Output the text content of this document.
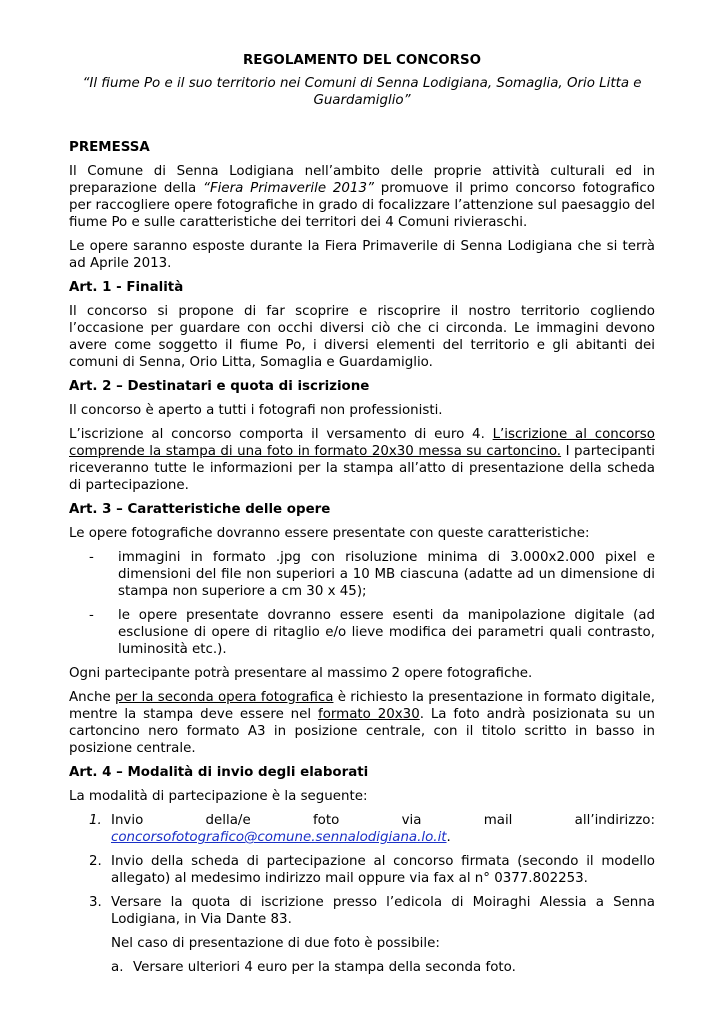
REGOLAMENTO DEL CONCORSO

“Il fiume Po e il suo territorio nei Comuni di Senna Lodigiana, Somaglia, Orio Litta e Guardamiglio”

PREMESSA

Il Comune di Senna Lodigiana nell’ambito delle proprie attività culturali ed in preparazione della “Fiera Primaverile 2013” promuove il primo concorso fotografico per raccogliere opere fotografiche in grado di focalizzare l’attenzione sul paesaggio del fiume Po e sulle caratteristiche dei territori dei 4 Comuni rivieraschi.

Le opere saranno esposte durante la Fiera Primaverile di Senna Lodigiana che si terrà ad Aprile 2013.

Art. 1 - Finalità

Il concorso si propone di far scoprire e riscoprire il nostro territorio cogliendo l’occasione per guardare con occhi diversi ciò che ci circonda. Le immagini devono avere come soggetto il fiume Po, i diversi elementi del territorio e gli abitanti dei comuni di Senna, Orio Litta, Somaglia e Guardamiglio.

Art. 2 – Destinatari e quota di iscrizione

Il concorso è aperto a tutti i fotografi non professionisti.

L’iscrizione al concorso comporta il versamento di euro 4. L’iscrizione al concorso comprende la stampa di una foto in formato 20x30 messa su cartoncino. I partecipanti riceveranno tutte le informazioni per la stampa all’atto di presentazione della scheda di partecipazione.

Art. 3 – Caratteristiche delle opere

Le opere fotografiche dovranno essere presentate con queste caratteristiche:

- immagini in formato .jpg con risoluzione minima di 3.000x2.000 pixel e dimensioni del file non superiori a 10 MB ciascuna (adatte ad un dimensione di stampa non superiore a cm 30 x 45);
- le opere presentate dovranno essere esenti da manipolazione digitale (ad esclusione di opere di ritaglio e/o lieve modifica dei parametri quali contrasto, luminosità etc.).

Ogni partecipante potrà presentare al massimo 2 opere fotografiche.

Anche per la seconda opera fotografica è richiesto la presentazione in formato digitale, mentre la stampa deve essere nel formato 20x30. La foto andrà posizionata su un cartoncino nero formato A3 in posizione centrale, con il titolo scritto in basso in posizione centrale.

Art. 4 – Modalità di invio degli elaborati

La modalità di partecipazione è la seguente:

1. Invio della/e foto via mail all’indirizzo:
concorsofotografico@comune.sennalodigiana.lo.it.
2. Invio della scheda di partecipazione al concorso firmata (secondo il modello allegato) al medesimo indirizzo mail oppure via fax al n° 0377.802253.
3. Versare la quota di iscrizione presso l’edicola di Moiraghi Alessia a Senna Lodigiana, in Via Dante 83.

Nel caso di presentazione di due foto è possibile:

a. Versare ulteriori 4 euro per la stampa della seconda foto.
